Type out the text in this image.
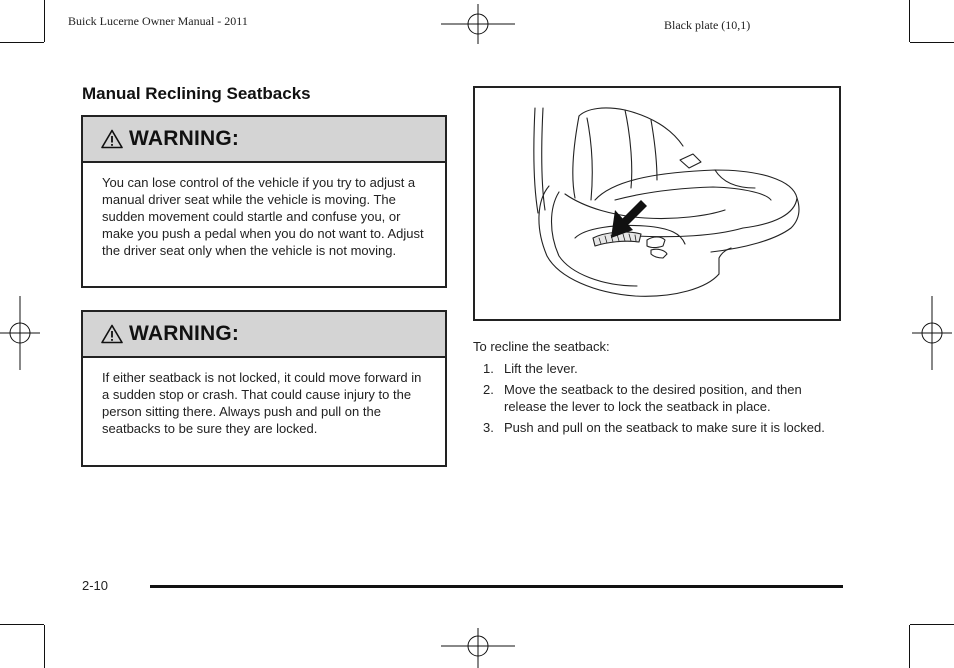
Buick Lucerne Owner Manual - 2011	Black plate (10,1)
Manual Reclining Seatbacks
WARNING:
You can lose control of the vehicle if you try to adjust a manual driver seat while the vehicle is moving. The sudden movement could startle and confuse you, or make you push a pedal when you do not want to. Adjust the driver seat only when the vehicle is not moving.
WARNING:
If either seatback is not locked, it could move forward in a sudden stop or crash. That could cause injury to the person sitting there. Always push and pull on the seatbacks to be sure they are locked.
To recline the seatback:
1. Lift the lever.
2. Move the seatback to the desired position, and then release the lever to lock the seatback in place.
3. Push and pull on the seatback to make sure it is locked.
2-10
